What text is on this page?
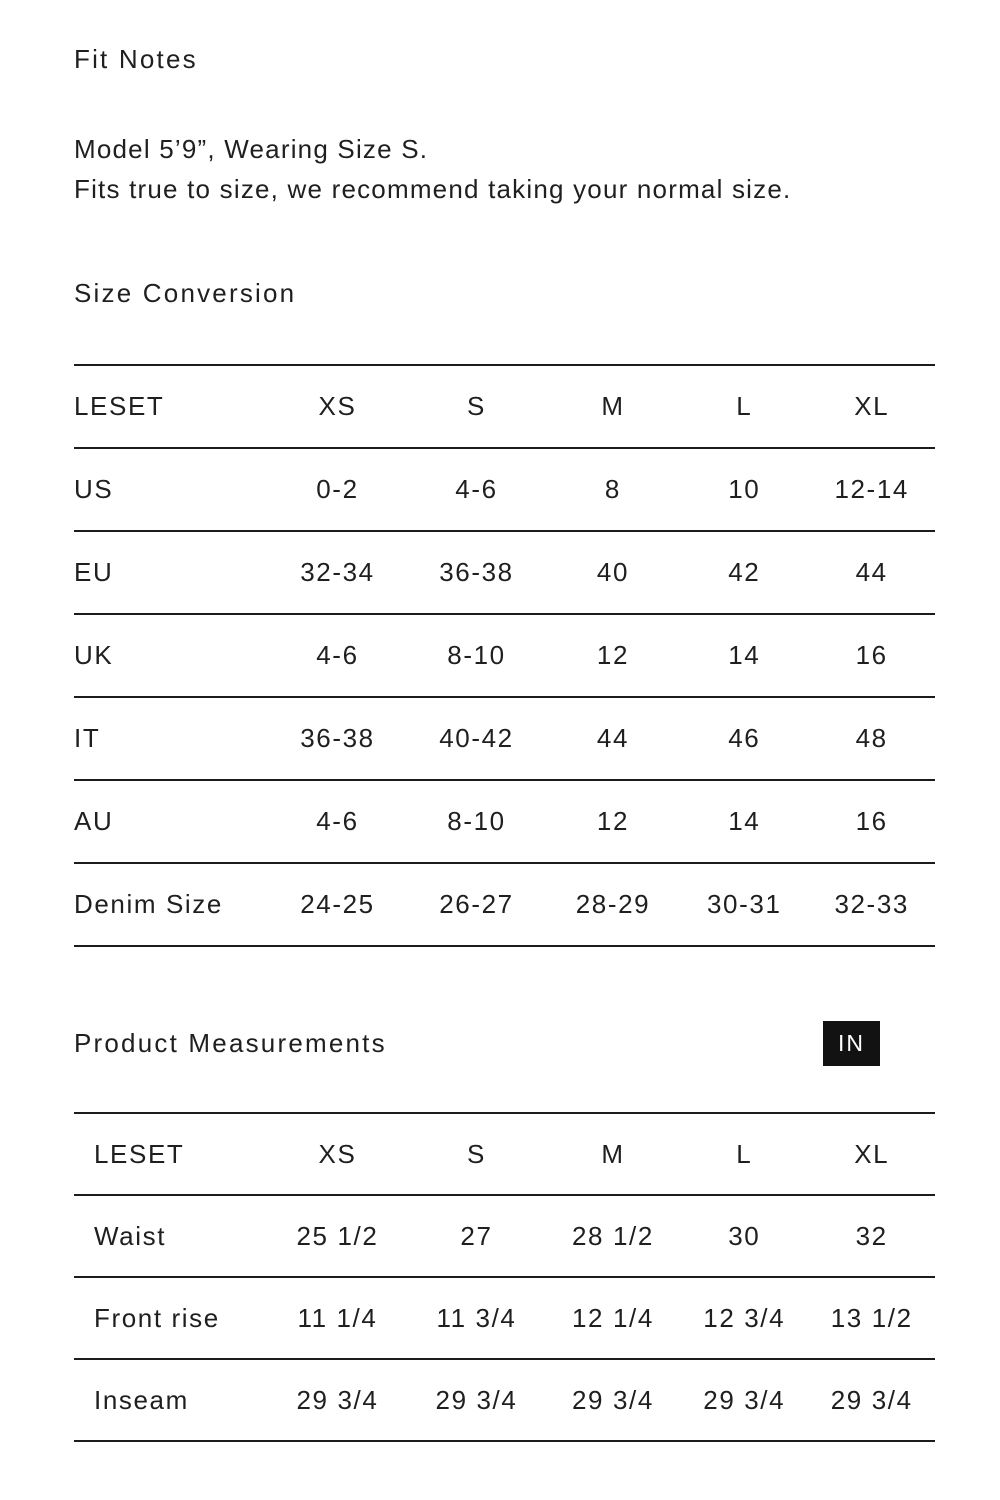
Fit Notes

Model 5’9”, Wearing Size S.
Fits true to size, we recommend taking your normal size.

Size Conversion
LESET	XS	S	M	L	XL
US	0-2	4-6	8	10	12-14
EU	32-34	36-38	40	42	44
UK	4-6	8-10	12	14	16
IT	36-38	40-42	44	46	48
AU	4-6	8-10	12	14	16
Denim Size	24-25	26-27	28-29	30-31	32-33
Product Measurements	IN
LESET	XS	S	M	L	XL
Waist	25 1/2	27	28 1/2	30	32
Front rise	11 1/4	11 3/4	12 1/4	12 3/4	13 1/2
Inseam	29 3/4	29 3/4	29 3/4	29 3/4	29 3/4
